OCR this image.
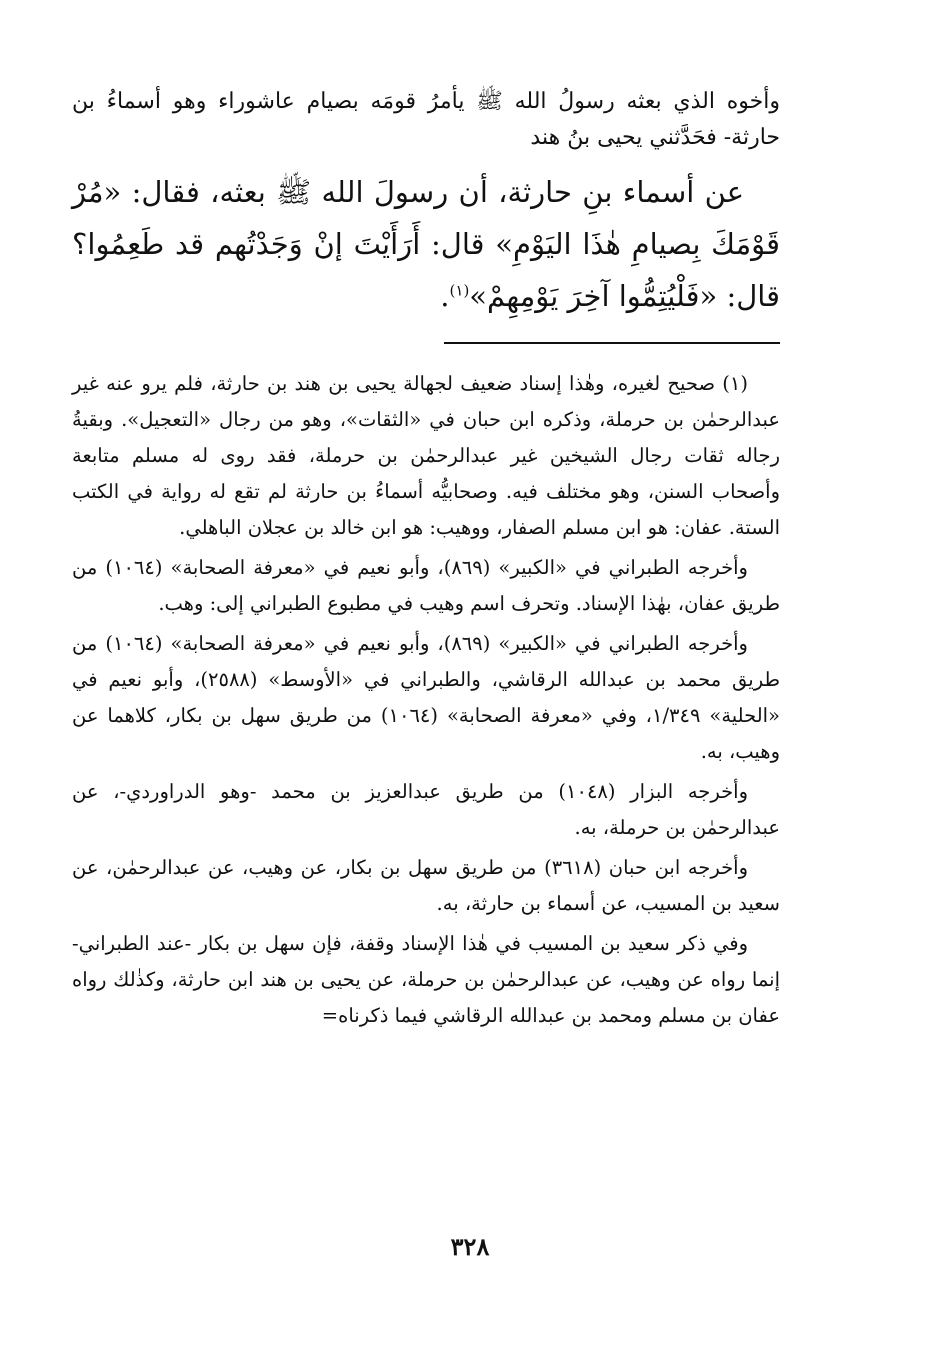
وأخوه الذي بعثه رسولُ الله ﷺ يأمرُ قومَه بصيام عاشوراء وهو أسماءُ بن حارثة- فحَدَّثني يحيى بنُ هند

عن أسماء بنِ حارثة، أن رسولَ الله ﷺ بعثه، فقال: «مُرْ قَوْمَكَ بِصيامِ هٰذَا اليَوْمِ» قال: أَرَأَيْتَ إنْ وَجَدْتُهم قد طَعِمُوا؟ قال: «فَلْيُتِمُّوا آخِرَ يَوْمِهِمْ»$^{(١)}$.

(١) صحيح لغيره، وهٰذا إسناد ضعيف لجهالة يحيى بن هند بن حارثة، فلم يرو عنه غير عبدالرحمٰن بن حرملة، وذكره ابن حبان في «الثقات»، وهو من رجال «التعجيل». وبقيةُ رجاله ثقات رجال الشيخين غير عبدالرحمٰن بن حرملة، فقد روى له مسلم متابعة وأصحاب السنن، وهو مختلف فيه. وصحابيُّه أسماءُ بن حارثة لم تقع له رواية في الكتب الستة. عفان: هو ابن مسلم الصفار، ووهيب: هو ابن خالد بن عجلان الباهلي.

وأخرجه الطبراني في «الكبير» (٨٦٩)، وأبو نعيم في «معرفة الصحابة» (١٠٦٤) من طريق عفان، بهٰذا الإسناد. وتحرف اسم وهيب في مطبوع الطبراني إلى: وهب.

وأخرجه الطبراني في «الكبير» (٨٦٩)، وأبو نعيم في «معرفة الصحابة» (١٠٦٤) من طريق محمد بن عبدالله الرقاشي، والطبراني في «الأوسط» (٢٥٨٨)، وأبو نعيم في «الحلية» ١/٣٤٩، وفي «معرفة الصحابة» (١٠٦٤) من طريق سهل بن بكار، كلاهما عن وهيب، به.

وأخرجه البزار (١٠٤٨) من طريق عبدالعزيز بن محمد -وهو الدراوردي-، عن عبدالرحمٰن بن حرملة، به.

وأخرجه ابن حبان (٣٦١٨) من طريق سهل بن بكار، عن وهيب، عن عبدالرحمٰن، عن سعيد بن المسيب، عن أسماء بن حارثة، به.

وفي ذكر سعيد بن المسيب في هٰذا الإسناد وقفة، فإن سهل بن بكار -عند الطبراني- إنما رواه عن وهيب، عن عبدالرحمٰن بن حرملة، عن يحيى بن هند ابن حارثة، وكذٰلك رواه عفان بن مسلم ومحمد بن عبدالله الرقاشي فيما ذكرناه=

٣٢٨
